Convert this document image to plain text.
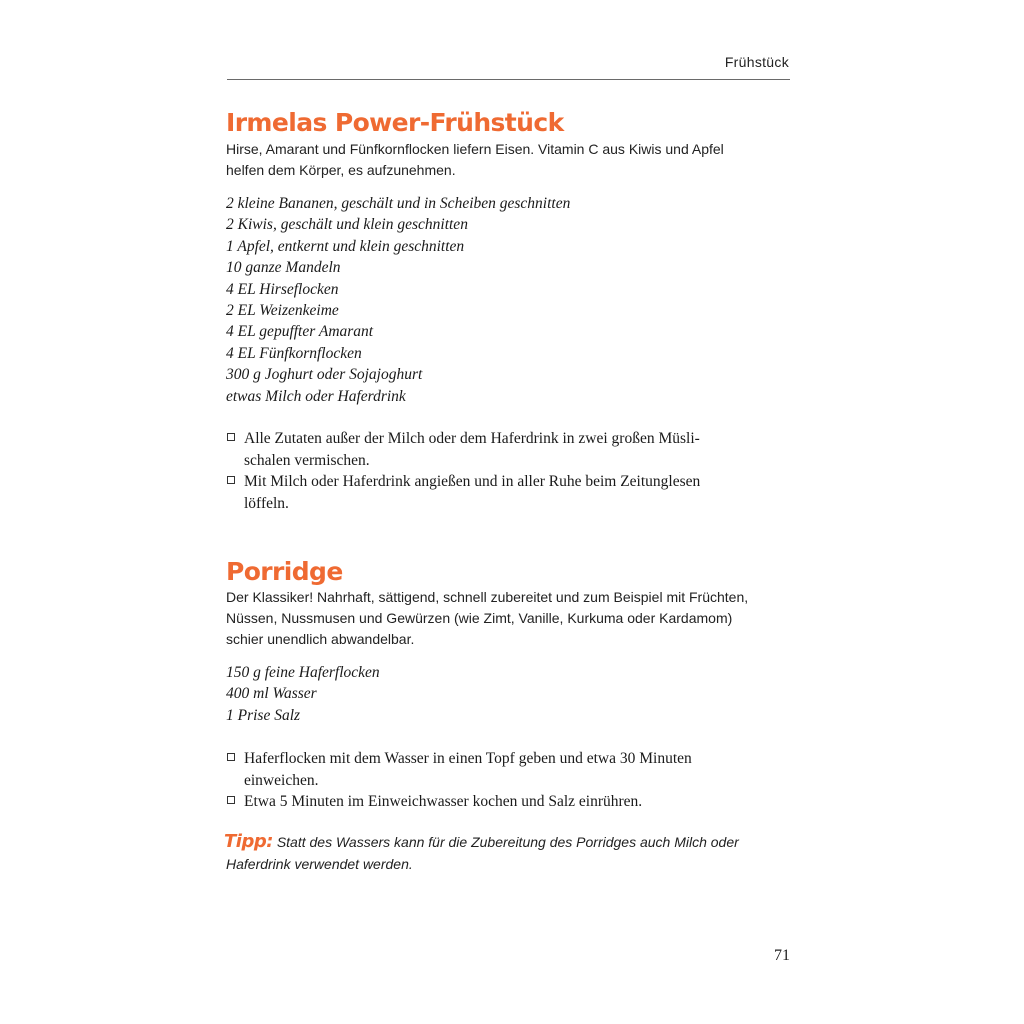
Frühstück
Irmelas Power-Frühstück
Hirse, Amarant und Fünfkornflocken liefern Eisen. Vitamin C aus Kiwis und Apfel
helfen dem Körper, es aufzunehmen.
2 kleine Bananen, geschält und in Scheiben geschnitten
2 Kiwis, geschält und klein geschnitten
1 Apfel, entkernt und klein geschnitten
10 ganze Mandeln
4 EL Hirseflocken
2 EL Weizenkeime
4 EL gepuffter Amarant
4 EL Fünfkornflocken
300 g Joghurt oder Sojajoghurt
etwas Milch oder Haferdrink
Alle Zutaten außer der Milch oder dem Haferdrink in zwei großen Müsli-
schalen vermischen.
Mit Milch oder Haferdrink angießen und in aller Ruhe beim Zeitunglesen
löffeln.
Porridge
Der Klassiker! Nahrhaft, sättigend, schnell zubereitet und zum Beispiel mit Früchten,
Nüssen, Nussmusen und Gewürzen (wie Zimt, Vanille, Kurkuma oder Kardamom)
schier unendlich abwandelbar.
150 g feine Haferflocken
400 ml Wasser
1 Prise Salz
Haferflocken mit dem Wasser in einen Topf geben und etwa 30 Minuten
einweichen.
Etwa 5 Minuten im Einweichwasser kochen und Salz einrühren.
Tipp: Statt des Wassers kann für die Zubereitung des Porridges auch Milch oder
Haferdrink verwendet werden.
71
